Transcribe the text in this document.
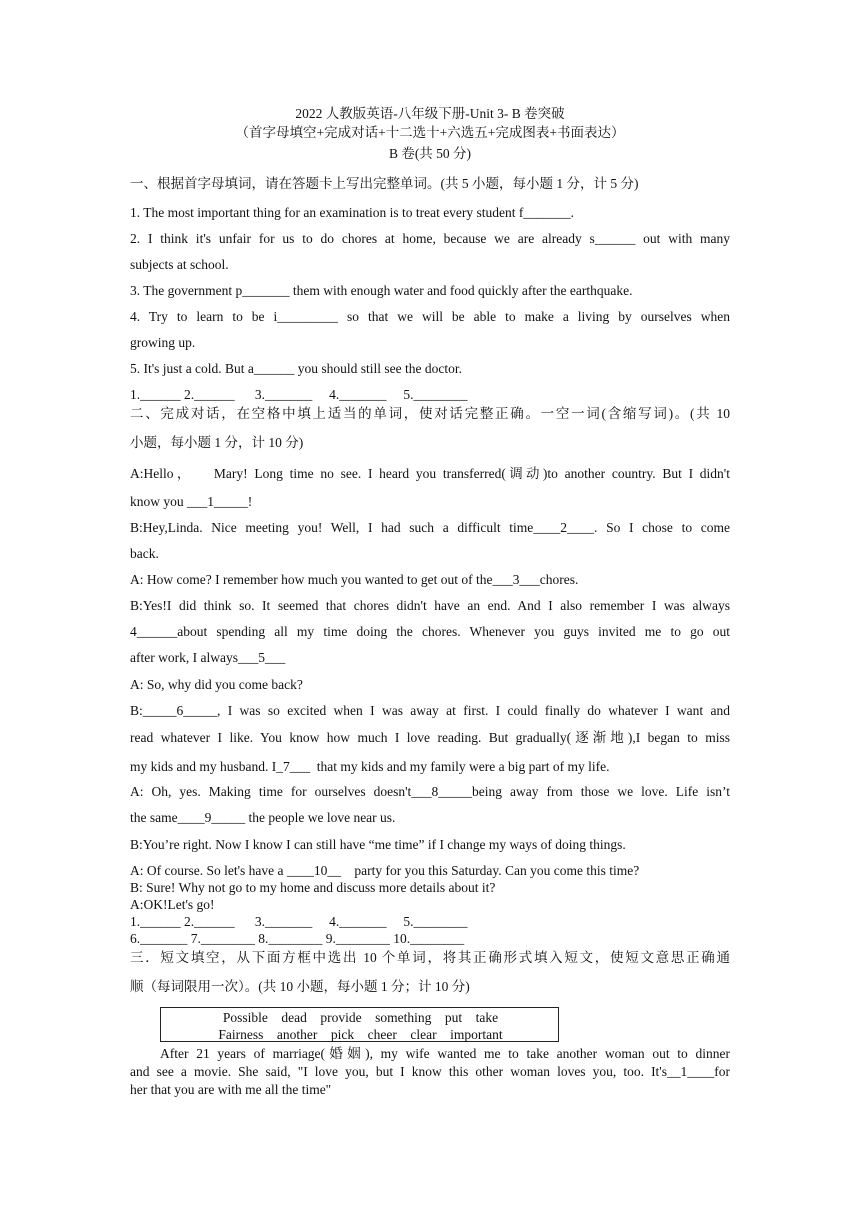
2022 人教版英语-八年级下册-Unit 3- B 卷突破
（首字母填空+完成对话+十二选十+六选五+完成图表+书面表达）
B 卷(共 50 分)
一、根据首字母填词，请在答题卡上写出完整单词。(共 5 小题，每小题 1 分，计 5 分)
1. The most important thing for an examination is to treat every student f_______.
2. I think it's unfair for us to do chores at home, because we are already s______ out with many
subjects at school.
3. The government p_______ them with enough water and food quickly after the earthquake.
4. Try to learn to be i_________ so that we will be able to make a living by ourselves when
growing up.
5. It's just a cold. But a______ you should still see the doctor.
1.______ 2.______      3._______     4._______     5.________
二、完成对话，在空格中填上适当的单词，使对话完整正确。一空一词(含缩写词)。(共 10
小题，每小题 1 分，计 10 分)
A:Hello，   Mary! Long time no see. I heard you transferred(调动)to another country. But I didn't
know you ___1_____!
B:Hey,Linda. Nice meeting you! Well, I had such a difficult time____2____. So I chose to come
back.
A: How come? I remember how much you wanted to get out of the___3___chores.
B:Yes!I did think so. It seemed that chores didn't have an end. And I also remember I was always
4______about spending all my time doing the chores. Whenever you guys invited me to go out
after work, I always___5___
A: So, why did you come back?
B:_____6_____, I was so excited when I was away at first. I could finally do whatever I want and
read whatever I like. You know how much I love reading. But gradually(逐渐地),I began to miss
my kids and my husband. I_7___  that my kids and my family were a big part of my life.
A: Oh, yes. Making time for ourselves doesn't___8_____being away from those we love. Life isn’t
the same____9_____ the people we love near us.
B:You’re right. Now I know I can still have “me time” if I change my ways of doing things.
A: Of course. So let's have a ____10__    party for you this Saturday. Can you come this time?
B: Sure! Why not go to my home and discuss more details about it?
A:OK!Let's go!
1.______ 2.______      3._______     4._______     5.________
6._______ 7.________ 8.________ 9.________ 10.________
三．短文填空，从下面方框中选出 10 个单词，将其正确形式填入短文，使短文意思正确通
顺（每词限用一次）。(共 10 小题，每小题 1 分；计 10 分)
Possible    dead    provide    something    put    take
Fairness    another    pick    cheer    clear    important
After 21 years of marriage(婚姻), my wife wanted me to take another woman out to dinner
and see a movie. She said, "I love you, but I know this other woman loves you, too. It's__1____for
her that you are with me all the time"
